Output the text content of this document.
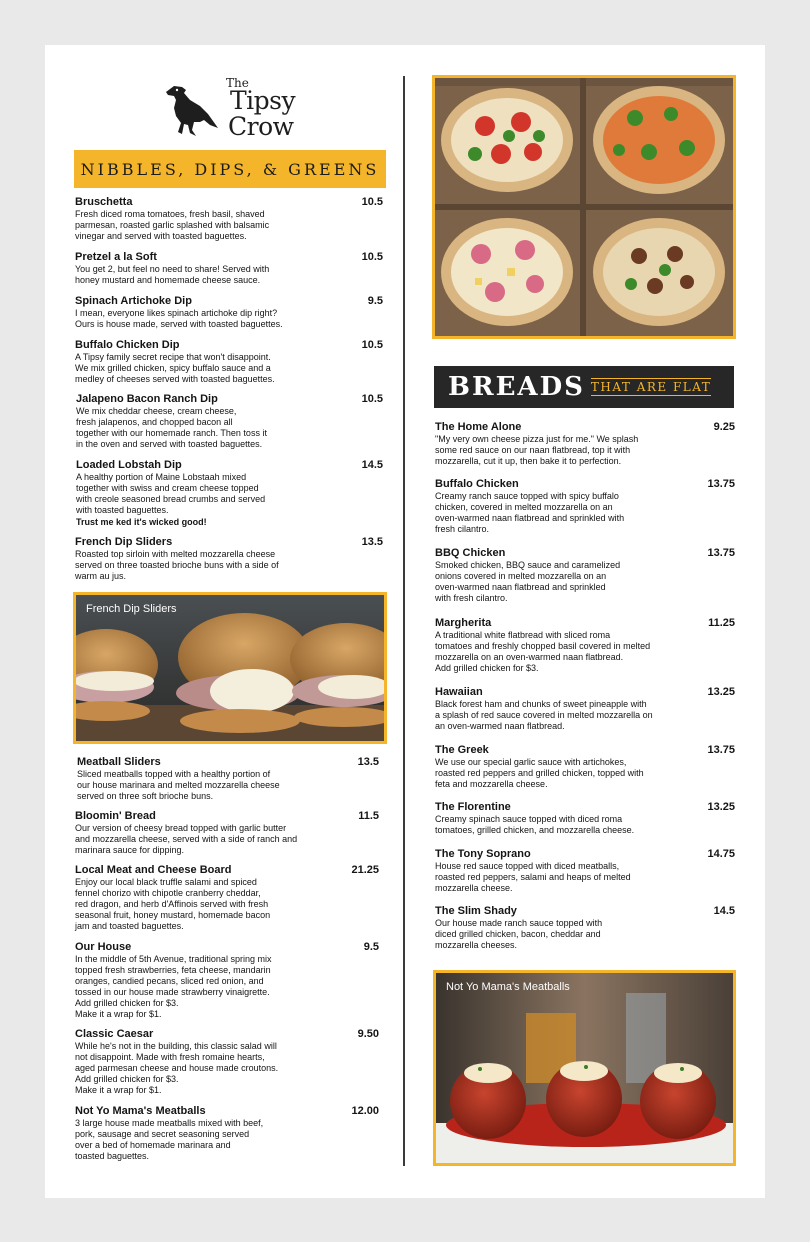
The
Tipsy
Crow
NIBBLES, DIPS, & GREENS
Bruschetta	10.5
Fresh diced roma tomatoes, fresh basil, shaved
parmesan, roasted garlic splashed with balsamic
vinegar and served with toasted baguettes.
Pretzel a la Soft	10.5
You get 2, but feel no need to share! Served with
honey mustard and homemade cheese sauce.
Spinach Artichoke Dip	9.5
I mean, everyone likes spinach artichoke dip right?
Ours is house made, served with toasted baguettes.
Buffalo Chicken Dip	10.5
A Tipsy family secret recipe that won't disappoint.
We mix grilled chicken, spicy buffalo sauce and a
medley of cheeses served with toasted baguettes.
Jalapeno Bacon Ranch Dip	10.5
We mix cheddar cheese, cream cheese,
fresh jalapenos, and chopped bacon all
together with our homemade ranch. Then toss it
in the oven and served with toasted baguettes.
Loaded Lobstah Dip	14.5
A healthy portion of Maine Lobstaah mixed
together with swiss and cream cheese topped
with creole seasoned bread crumbs and served
with toasted baguettes.
Trust me ked it's wicked good!
French Dip Sliders	13.5
Roasted top sirloin with melted mozzarella cheese
served on three toasted brioche buns with a side of
warm au jus.
French Dip Sliders
Meatball Sliders	13.5
Sliced meatballs topped with a healthy portion of
our house marinara and melted mozzarella cheese
served on three soft brioche buns.
Bloomin' Bread	11.5
Our version of cheesy bread topped with garlic butter
and mozzarella cheese, served with a side of ranch and
marinara sauce for dipping.
Local Meat and Cheese Board	21.25
Enjoy our local black truffle salami and spiced
fennel chorizo with chipotle cranberry cheddar,
red dragon, and herb d'Affinois served with fresh
seasonal fruit, honey mustard, homemade bacon
jam and toasted baguettes.
Our House	9.5
In the middle of 5th Avenue, traditional spring mix
topped fresh strawberries, feta cheese, mandarin
oranges, candied pecans, sliced red onion, and
tossed in our house made strawberry vinaigrette.
Add grilled chicken for $3.
Make it a wrap for $1.
Classic Caesar	9.50
While he's not in the building, this classic salad will
not disappoint. Made with fresh romaine hearts,
aged parmesan cheese and house made croutons.
Add grilled chicken for $3.
Make it a wrap for $1.
Not Yo Mama's Meatballs	12.00
3 large house made meatballs mixed with beef,
pork, sausage and secret seasoning served
over a bed of homemade marinara and
toasted baguettes.
BREADS THAT ARE FLAT
The Home Alone	9.25
"My very own cheese pizza just for me." We splash
some red sauce on our naan flatbread, top it with
mozzarella, cut it up, then bake it to perfection.
Buffalo Chicken	13.75
Creamy ranch sauce topped with spicy buffalo
chicken, covered in melted mozzarella on an
oven-warmed naan flatbread and sprinkled with
fresh cilantro.
BBQ Chicken	13.75
Smoked chicken, BBQ sauce and caramelized
onions covered in melted mozzarella on an
oven-warmed naan flatbread and sprinkled
with fresh cilantro.
Margherita	11.25
A traditional white flatbread with sliced roma
tomatoes and freshly chopped basil covered in melted
mozzarella on an oven-warmed naan flatbread.
Add grilled chicken for $3.
Hawaiian	13.25
Black forest ham and chunks of sweet pineapple with
a splash of red sauce covered in melted mozzarella on
an oven-warmed naan flatbread.
The Greek	13.75
We use our special garlic sauce with artichokes,
roasted red peppers and grilled chicken, topped with
feta and mozzarella cheese.
The Florentine	13.25
Creamy spinach sauce topped with diced roma
tomatoes, grilled chicken, and mozzarella cheese.
The Tony Soprano	14.75
House red sauce topped with diced meatballs,
roasted red peppers, salami and heaps of melted
mozzarella cheese.
The Slim Shady	14.5
Our house made ranch sauce topped with
diced grilled chicken, bacon, cheddar and
mozzarella cheeses.
Not Yo Mama's Meatballs
